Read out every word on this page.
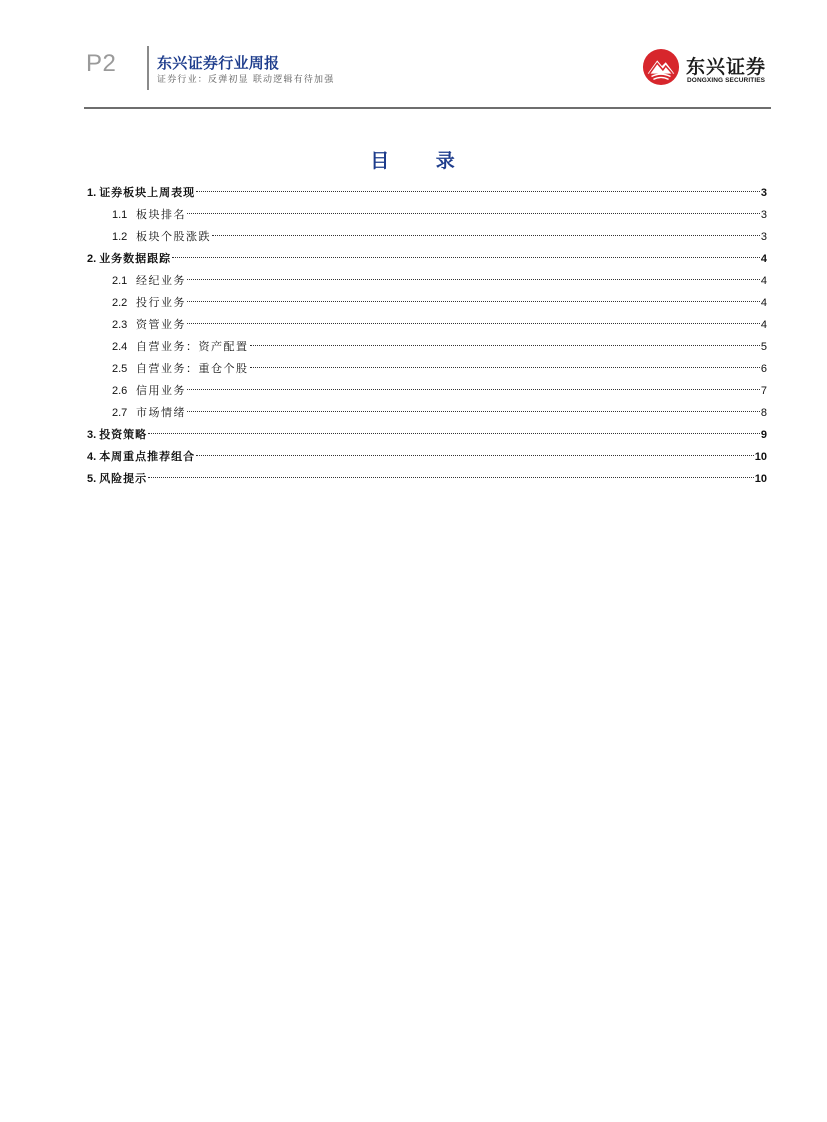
P2	东兴证券行业周报
证券行业：反弹初显 联动逻辑有待加强
东兴证券
DONGXING SECURITIES
目 录
1. 证券板块上周表现	3
1.1 板块排名	3
1.2 板块个股涨跌	3
2. 业务数据跟踪	4
2.1 经纪业务	4
2.2 投行业务	4
2.3 资管业务	4
2.4 自营业务：资产配置	5
2.5 自营业务：重仓个股	6
2.6 信用业务	7
2.7 市场情绪	8
3. 投资策略	9
4. 本周重点推荐组合	10
5. 风险提示	10
